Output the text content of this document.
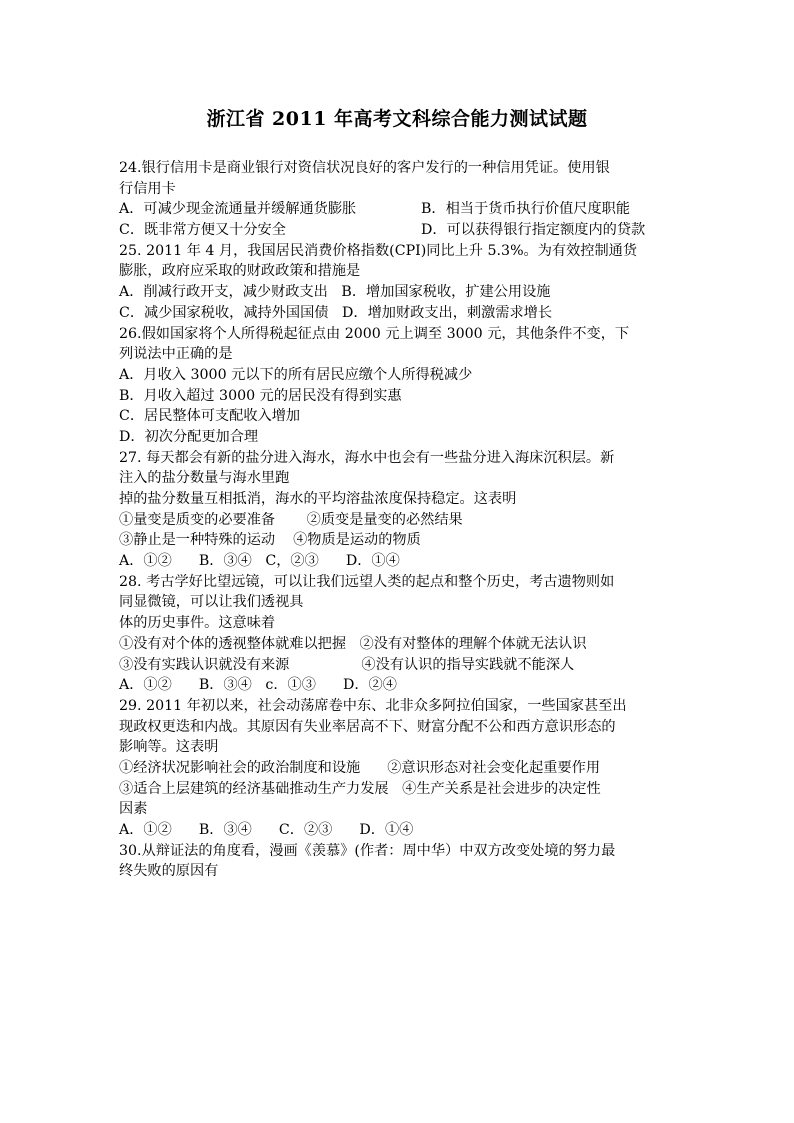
浙江省 2011 年高考文科综合能力测试试题
24.银行信用卡是商业银行对资信状况良好的客户发行的一种信用凭证。使用银
行信用卡
A．可减少现金流通量并缓解通货膨胀	B．相当于货币执行价值尺度职能
C．既非常方便又十分安全	D．可以获得银行指定额度内的贷款
25. 2011 年 4 月，我国居民消费价格指数(CPI)同比上升 5.3%。为有效控制通货
膨胀，政府应采取的财政政策和措施是
A．削减行政开支，减少财政支出   B．增加国家税收，扩建公用设施
C．减少国家税收，减持外国国债   D．增加财政支出，刺激需求增长
26.假如国家将个人所得税起征点由 2000 元上调至 3000 元，其他条件不变，下
列说法中正确的是
A．月收入 3000 元以下的所有居民应缴个人所得税减少
B．月收入超过 3000 元的居民没有得到实惠
C．居民整体可支配收入增加
D．初次分配更加合理
27. 每天都会有新的盐分进入海水，海水中也会有一些盐分进入海床沉积层。新
注入的盐分数量与海水里跑
掉的盐分数量互相抵消，海水的平均溶盐浓度保持稳定。这表明
①量变是质变的必要准备       ②质变是量变的必然结果
③静止是一种特殊的运动    ④物质是运动的物质
A．①②      B．③④   C，②③      D．①④
28. 考古学好比望远镜，可以让我们远望人类的起点和整个历史，考古遗物则如
同显微镜，可以让我们透视具
体的历史事件。这意味着
①没有对个体的透视整体就难以把握   ②没有对整体的理解个体就无法认识
③没有实践认识就没有来源                ④没有认识的指导实践就不能深人
A．①②      B．③④   c．①③      D．②④
29. 2011 年初以来，社会动荡席卷中东、北非众多阿拉伯国家，一些国家甚至出
现政权更迭和内战。其原因有失业率居高不下、财富分配不公和西方意识形态的
影响等。这表明
①经济状况影响社会的政治制度和设施      ②意识形态对社会变化起重要作用
③适合上层建筑的经济基础推动生产力发展   ④生产关系是社会进步的决定性
因素
A．①②      B．③④      C．②③      D．①④
30.从辩证法的角度看，漫画《羡慕》(作者：周中华）中双方改变处境的努力最
终失败的原因有
